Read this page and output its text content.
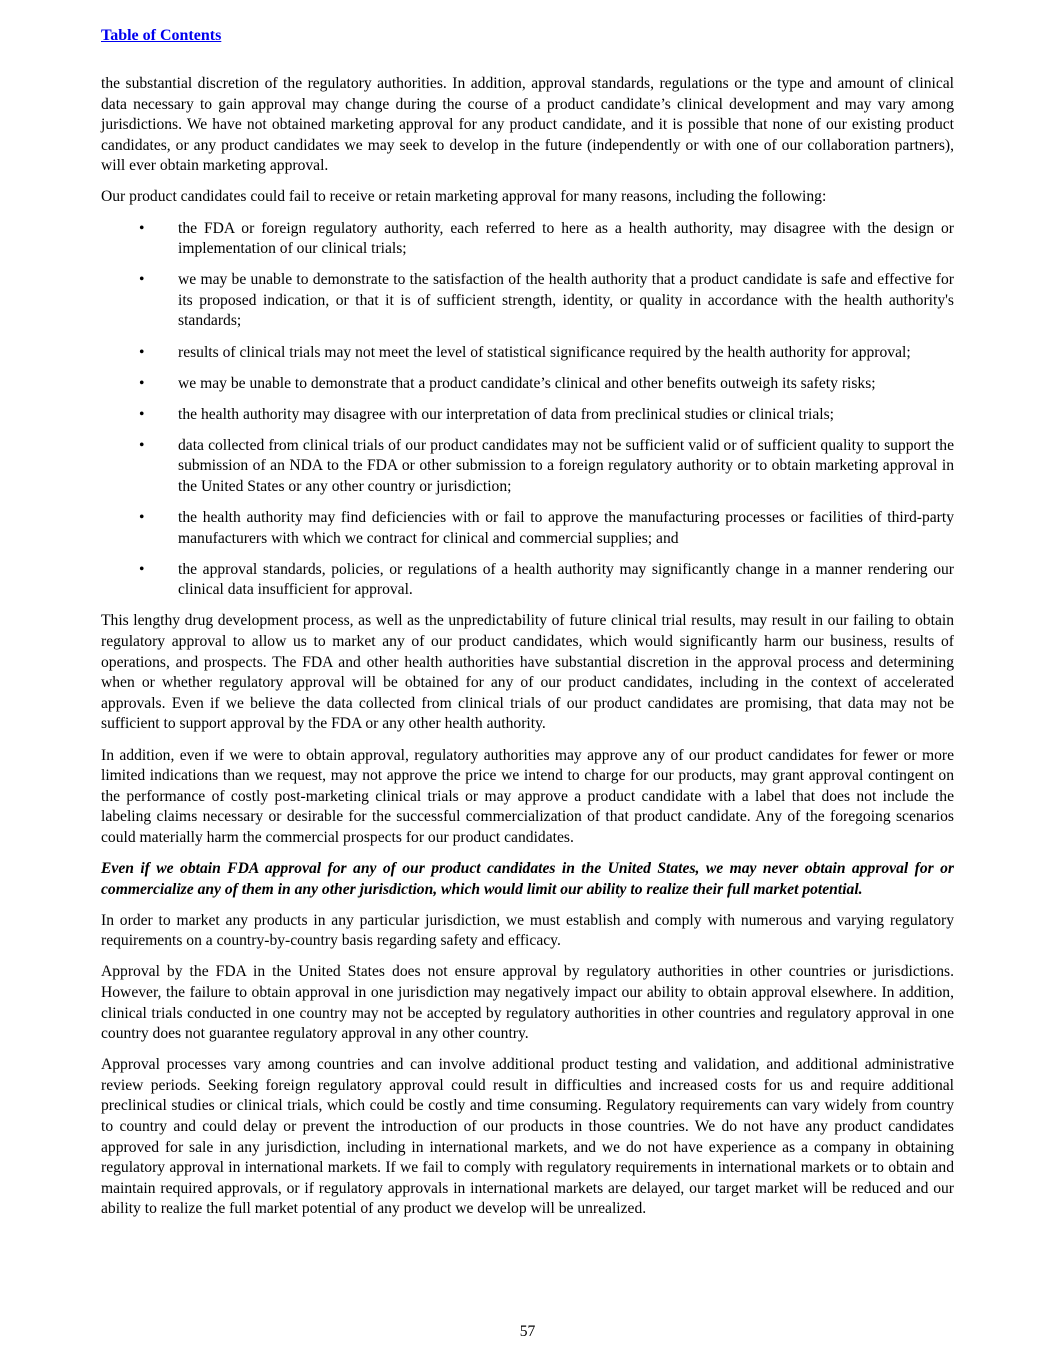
Table of Contents

the substantial discretion of the regulatory authorities. In addition, approval standards, regulations or the type and amount of clinical data necessary to gain approval may change during the course of a product candidate’s clinical development and may vary among jurisdictions. We have not obtained marketing approval for any product candidate, and it is possible that none of our existing product candidates, or any product candidates we may seek to develop in the future (independently or with one of our collaboration partners), will ever obtain marketing approval.

Our product candidates could fail to receive or retain marketing approval for many reasons, including the following:

• the FDA or foreign regulatory authority, each referred to here as a health authority, may disagree with the design or implementation of our clinical trials;
• we may be unable to demonstrate to the satisfaction of the health authority that a product candidate is safe and effective for its proposed indication, or that it is of sufficient strength, identity, or quality in accordance with the health authority's standards;
• results of clinical trials may not meet the level of statistical significance required by the health authority for approval;
• we may be unable to demonstrate that a product candidate’s clinical and other benefits outweigh its safety risks;
• the health authority may disagree with our interpretation of data from preclinical studies or clinical trials;
• data collected from clinical trials of our product candidates may not be sufficient valid or of sufficient quality to support the submission of an NDA to the FDA or other submission to a foreign regulatory authority or to obtain marketing approval in the United States or any other country or jurisdiction;
• the health authority may find deficiencies with or fail to approve the manufacturing processes or facilities of third-party manufacturers with which we contract for clinical and commercial supplies; and
• the approval standards, policies, or regulations of a health authority may significantly change in a manner rendering our clinical data insufficient for approval.

This lengthy drug development process, as well as the unpredictability of future clinical trial results, may result in our failing to obtain regulatory approval to allow us to market any of our product candidates, which would significantly harm our business, results of operations, and prospects. The FDA and other health authorities have substantial discretion in the approval process and determining when or whether regulatory approval will be obtained for any of our product candidates, including in the context of accelerated approvals. Even if we believe the data collected from clinical trials of our product candidates are promising, that data may not be sufficient to support approval by the FDA or any other health authority.

In addition, even if we were to obtain approval, regulatory authorities may approve any of our product candidates for fewer or more limited indications than we request, may not approve the price we intend to charge for our products, may grant approval contingent on the performance of costly post-marketing clinical trials or may approve a product candidate with a label that does not include the labeling claims necessary or desirable for the successful commercialization of that product candidate. Any of the foregoing scenarios could materially harm the commercial prospects for our product candidates.

Even if we obtain FDA approval for any of our product candidates in the United States, we may never obtain approval for or commercialize any of them in any other jurisdiction, which would limit our ability to realize their full market potential.

In order to market any products in any particular jurisdiction, we must establish and comply with numerous and varying regulatory requirements on a country-by-country basis regarding safety and efficacy.

Approval by the FDA in the United States does not ensure approval by regulatory authorities in other countries or jurisdictions. However, the failure to obtain approval in one jurisdiction may negatively impact our ability to obtain approval elsewhere. In addition, clinical trials conducted in one country may not be accepted by regulatory authorities in other countries and regulatory approval in one country does not guarantee regulatory approval in any other country.

Approval processes vary among countries and can involve additional product testing and validation, and additional administrative review periods. Seeking foreign regulatory approval could result in difficulties and increased costs for us and require additional preclinical studies or clinical trials, which could be costly and time consuming. Regulatory requirements can vary widely from country to country and could delay or prevent the introduction of our products in those countries. We do not have any product candidates approved for sale in any jurisdiction, including in international markets, and we do not have experience as a company in obtaining regulatory approval in international markets. If we fail to comply with regulatory requirements in international markets or to obtain and maintain required approvals, or if regulatory approvals in international markets are delayed, our target market will be reduced and our ability to realize the full market potential of any product we develop will be unrealized.

57
